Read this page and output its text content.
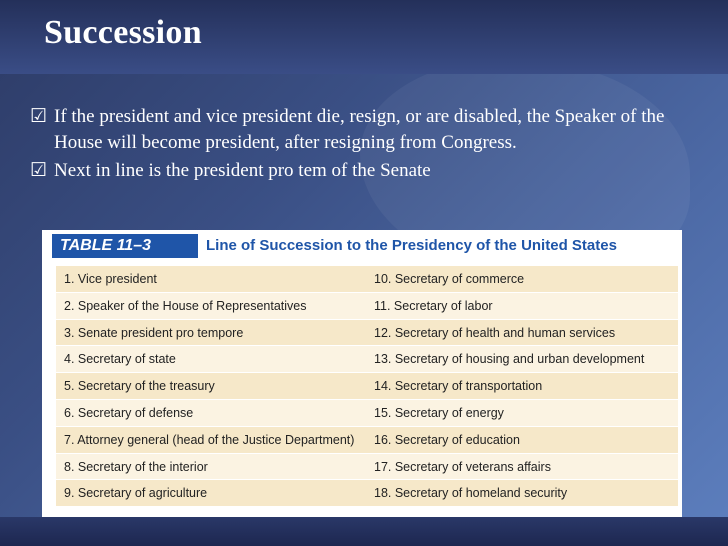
Succession
☑ If the president and vice president die, resign, or are disabled, the Speaker of the House will become president, after resigning from Congress.
☑ Next in line is the president pro tem of the Senate
TABLE 11–3	Line of Succession to the Presidency of the United States
1. Vice president	10. Secretary of commerce
2. Speaker of the House of Representatives	11. Secretary of labor
3. Senate president pro tempore	12. Secretary of health and human services
4. Secretary of state	13. Secretary of housing and urban development
5. Secretary of the treasury	14. Secretary of transportation
6. Secretary of defense	15. Secretary of energy
7. Attorney general (head of the Justice Department) 16. Secretary of education
8. Secretary of the interior	17. Secretary of veterans affairs
9. Secretary of agriculture	18. Secretary of homeland security
